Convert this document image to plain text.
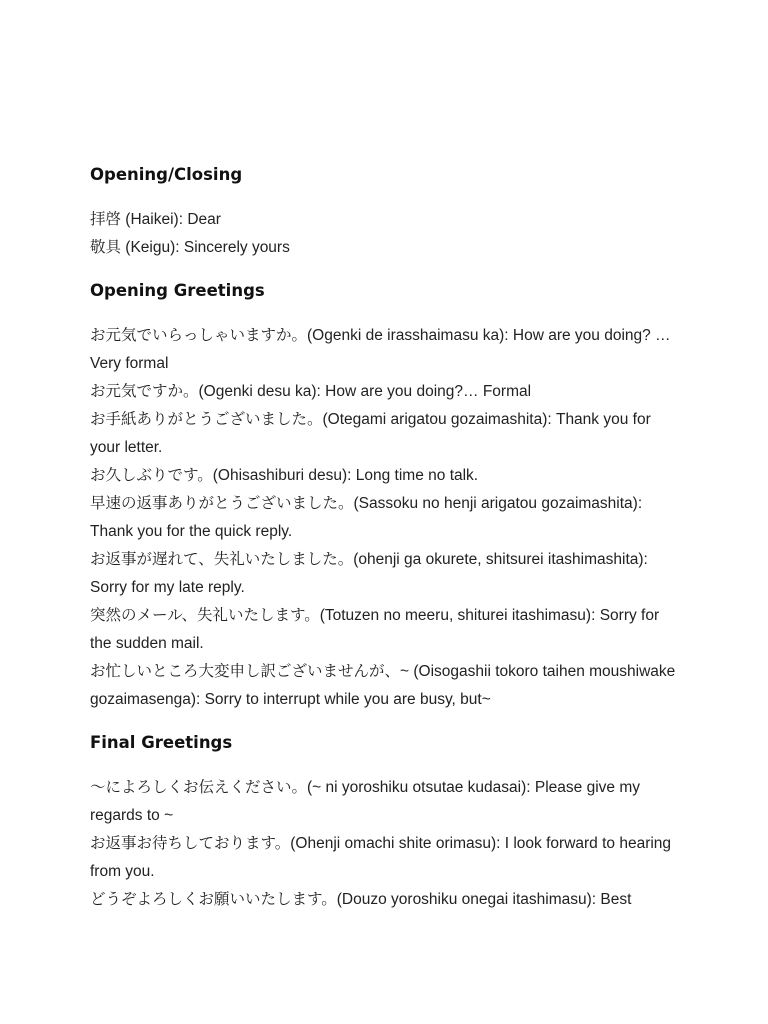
Opening/Closing

拝啓 (Haikei): Dear

敬具 (Keigu): Sincerely yours

Opening Greetings

お元気でいらっしゃいますか。(Ogenki de irasshaimasu ka): How are you doing? … Very formal

お元気ですか。(Ogenki desu ka): How are you doing?… Formal

お手紙ありがとうございました。(Otegami arigatou gozaimashita): Thank you for your letter.

お久しぶりです。(Ohisashiburi desu): Long time no talk.

早速の返事ありがとうございました。(Sassoku no henji arigatou gozaimashita): Thank you for the quick reply.

お返事が遅れて、失礼いたしました。(ohenji ga okurete, shitsurei itashimashita): Sorry for my late reply.

突然のメール、失礼いたします。(Totuzen no meeru, shiturei itashimasu): Sorry for the sudden mail.

お忙しいところ大変申し訳ございませんが、~ (Oisogashii tokoro taihen moushiwake gozaimasenga): Sorry to interrupt while you are busy, but~

Final Greetings

〜によろしくお伝えください。(~ ni yoroshiku otsutae kudasai): Please give my regards to ~

お返事お待ちしております。(Ohenji omachi shite orimasu): I look forward to hearing from you.

どうぞよろしくお願いいたします。(Douzo yoroshiku onegai itashimasu): Best
